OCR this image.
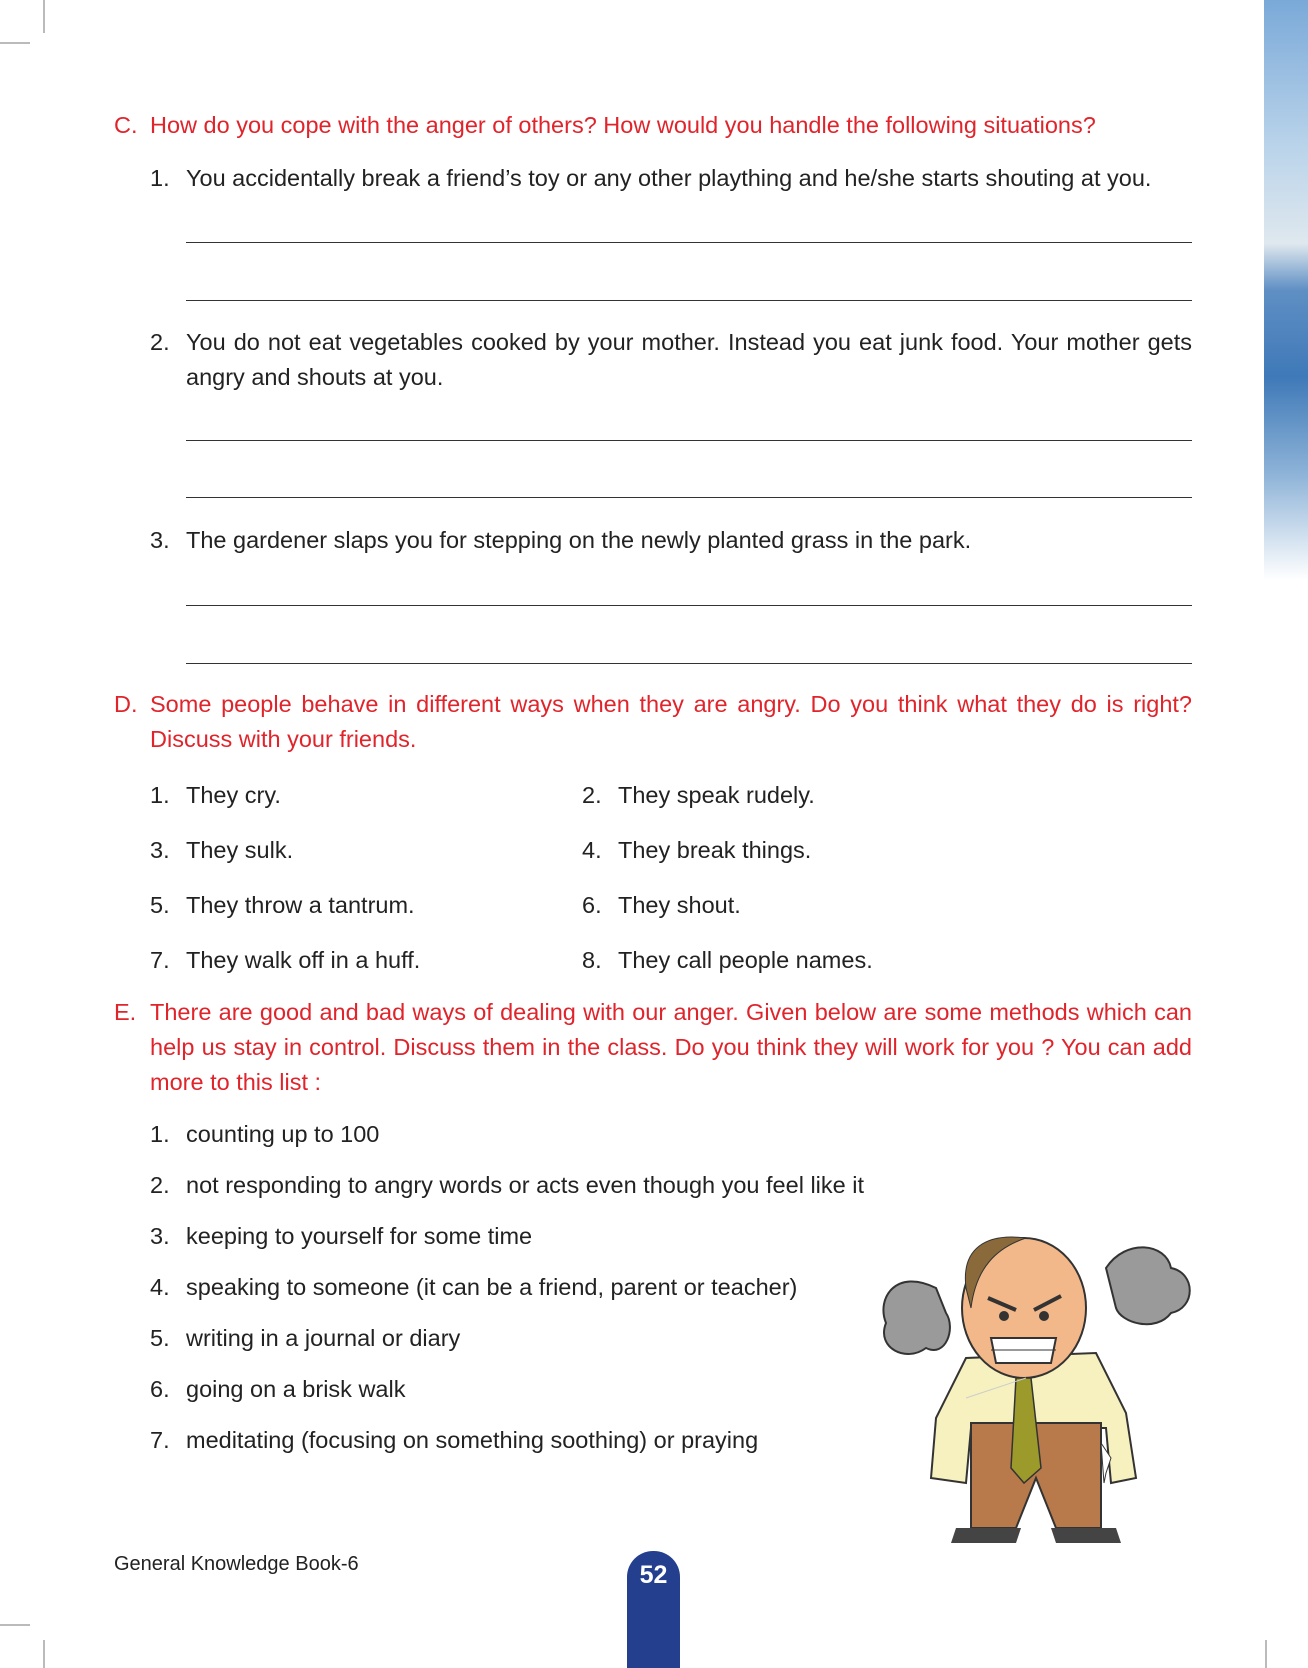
C. How do you cope with the anger of others? How would you handle the following situations?
1. You accidentally break a friend’s toy or any other plaything and he/she starts shouting at you.
2. You do not eat vegetables cooked by your mother. Instead you eat junk food. Your mother gets angry and shouts at you.
3. The gardener slaps you for stepping on the newly planted grass in the park.
D. Some people behave in different ways when they are angry. Do you think what they do is right? Discuss with your friends.
1. They cry.	2. They speak rudely.
3. They sulk.	4. They break things.
5. They throw a tantrum.	6. They shout.
7. They walk off in a huff.	8. They call people names.
E. There are good and bad ways of dealing with our anger. Given below are some methods which can help us stay in control. Discuss them in the class. Do you think they will work for you ? You can add more to this list :
1. counting up to 100
2. not responding to angry words or acts even though you feel like it
3. keeping to yourself for some time
4. speaking to someone (it can be a friend, parent or teacher)
5. writing in a journal or diary
6. going on a brisk walk
7. meditating (focusing on something soothing) or praying
General Knowledge Book-6	52
